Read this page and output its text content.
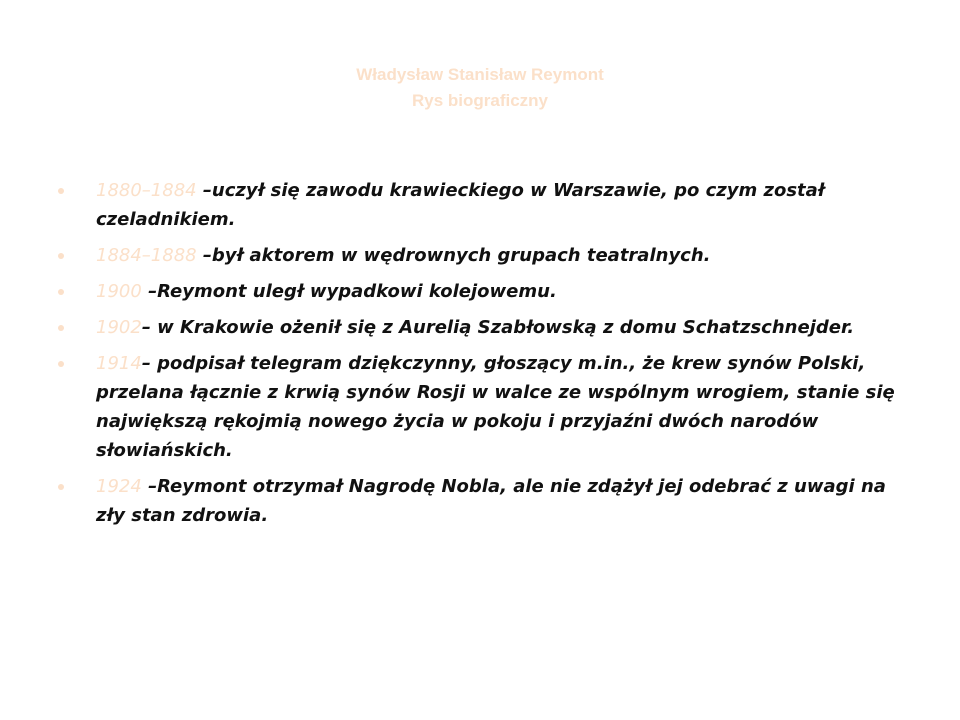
Władysław Stanisław Reymont
Rys biograficzny
1880–1884 –uczył się zawodu krawieckiego w Warszawie, po czym został czeladnikiem.
1884–1888 –był aktorem w wędrownych grupach teatralnych.
1900 –Reymont uległ wypadkowi kolejowemu.
1902– w Krakowie ożenił się z Aurelią Szabłowską z domu Schatzschnejder.
1914– podpisał telegram dziękczynny, głoszący m.in., że krew synów Polski, przelana łącznie z krwią synów Rosji w walce ze wspólnym wrogiem, stanie się największą rękojmią nowego życia w pokoju i przyjaźni dwóch narodów słowiańskich.
1924 –Reymont otrzymał Nagrodę Nobla, ale nie zdążył jej odebrać z uwagi na zły stan zdrowia.
